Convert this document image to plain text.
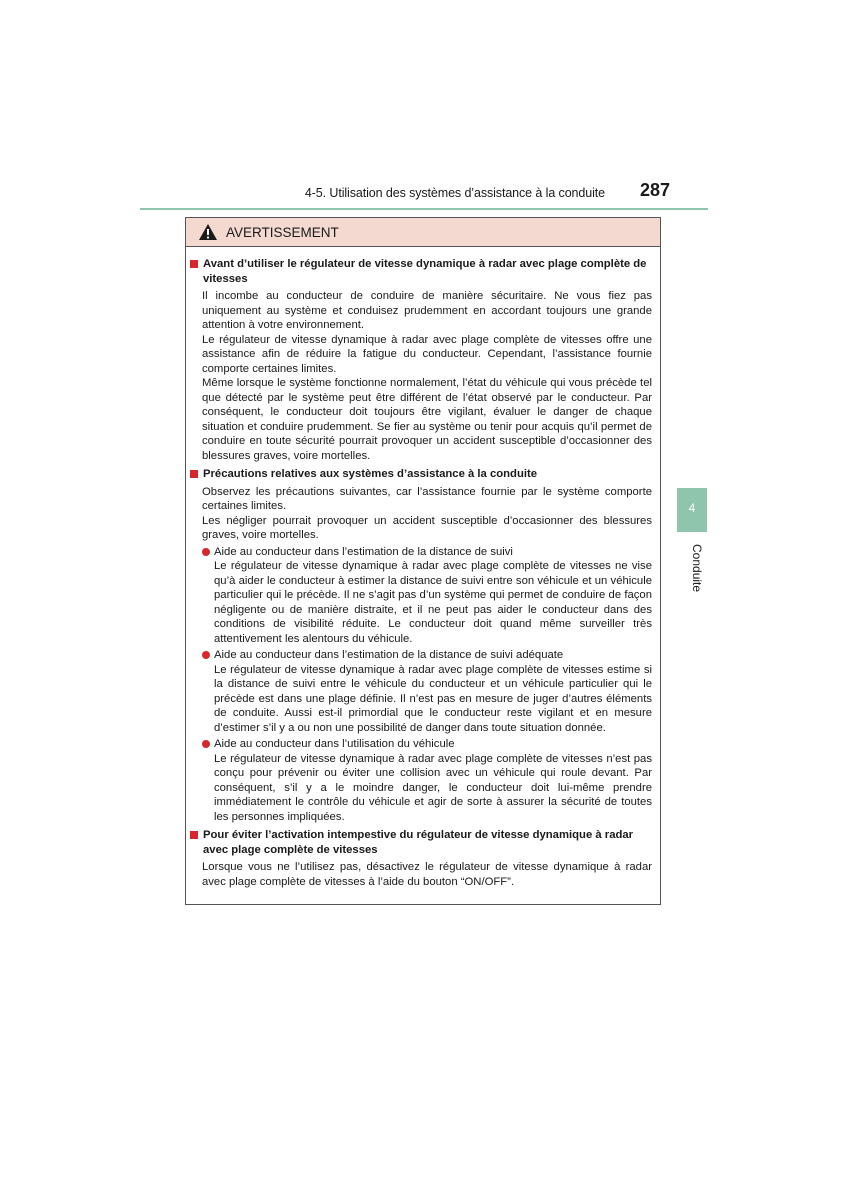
4-5. Utilisation des systèmes d’assistance à la conduite 287
4
Conduite
AVERTISSEMENT
Avant d’utiliser le régulateur de vitesse dynamique à radar avec plage complète de vitesses

Il incombe au conducteur de conduire de manière sécuritaire. Ne vous fiez pas uniquement au système et conduisez prudemment en accordant toujours une grande attention à votre environnement.

Le régulateur de vitesse dynamique à radar avec plage complète de vitesses offre une assistance afin de réduire la fatigue du conducteur. Cependant, l’assistance fournie comporte certaines limites.

Même lorsque le système fonctionne normalement, l’état du véhicule qui vous précède tel que détecté par le système peut être différent de l’état observé par le conducteur. Par conséquent, le conducteur doit toujours être vigilant, évaluer le danger de chaque situation et conduire prudemment. Se fier au système ou tenir pour acquis qu’il permet de conduire en toute sécurité pourrait provoquer un accident susceptible d’occasionner des blessures graves, voire mortelles.

Précautions relatives aux systèmes d’assistance à la conduite

Observez les précautions suivantes, car l’assistance fournie par le système comporte certaines limites.

Les négliger pourrait provoquer un accident susceptible d’occasionner des blessures graves, voire mortelles.

Aide au conducteur dans l’estimation de la distance de suivi
Le régulateur de vitesse dynamique à radar avec plage complète de vitesses ne vise qu’à aider le conducteur à estimer la distance de suivi entre son véhicule et un véhicule particulier qui le précède. Il ne s’agit pas d’un système qui permet de conduire de façon négligente ou de manière distraite, et il ne peut pas aider le conducteur dans des conditions de visibilité réduite. Le conducteur doit quand même surveiller très attentivement les alentours du véhicule.
Aide au conducteur dans l’estimation de la distance de suivi adéquate
Le régulateur de vitesse dynamique à radar avec plage complète de vitesses estime si la distance de suivi entre le véhicule du conducteur et un véhicule particulier qui le précède est dans une plage définie. Il n’est pas en mesure de juger d’autres éléments de conduite. Aussi est-il primordial que le conducteur reste vigilant et en mesure d’estimer s’il y a ou non une possibilité de danger dans toute situation donnée.
Aide au conducteur dans l’utilisation du véhicule
Le régulateur de vitesse dynamique à radar avec plage complète de vitesses n’est pas conçu pour prévenir ou éviter une collision avec un véhicule qui roule devant. Par conséquent, s’il y a le moindre danger, le conducteur doit lui-même prendre immédiatement le contrôle du véhicule et agir de sorte à assurer la sécurité de toutes les personnes impliquées.
Pour éviter l’activation intempestive du régulateur de vitesse dynamique à radar avec plage complète de vitesses

Lorsque vous ne l’utilisez pas, désactivez le régulateur de vitesse dynamique à radar avec plage complète de vitesses à l’aide du bouton “ON/OFF”.
